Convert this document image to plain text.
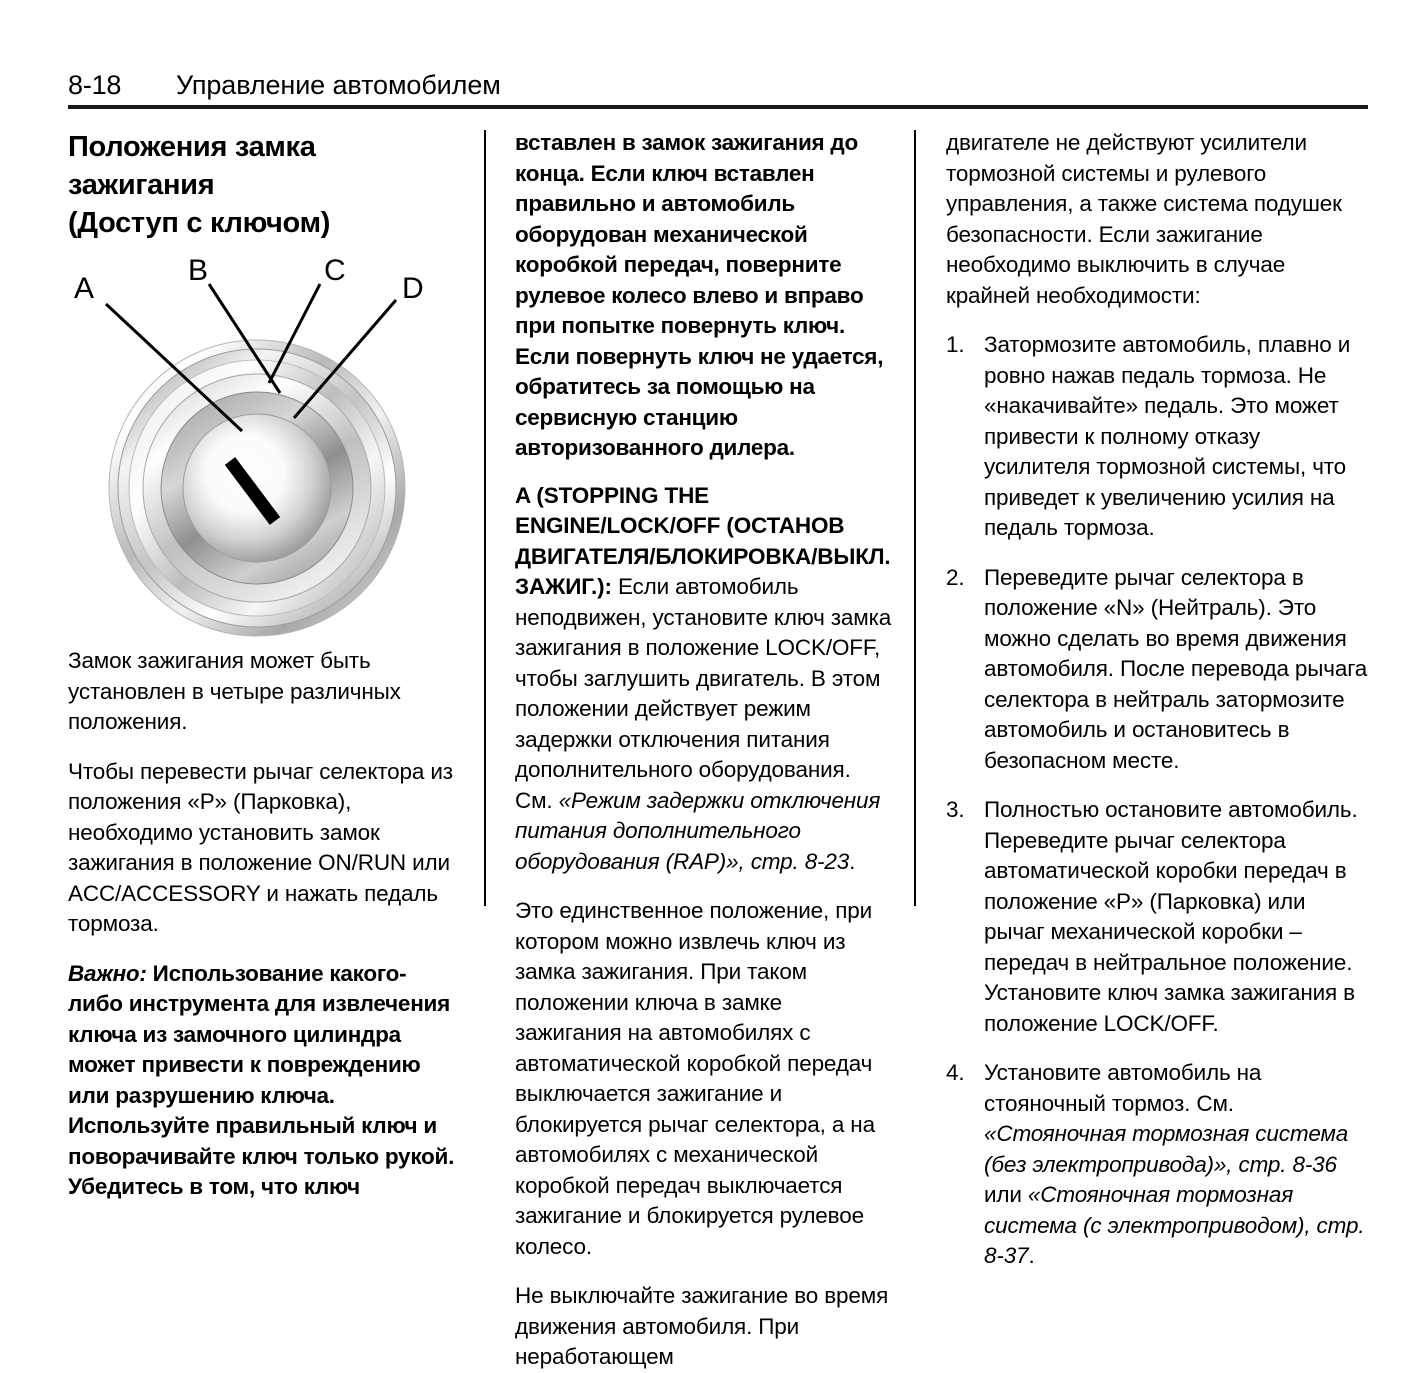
8-18	Управление автомобилем
Положения замка
зажигания
(Доступ с ключом)
A
B	C
D

Замок зажигания может быть установлен в четыре различных положения.

Чтобы перевести рычаг селектора из положения «P» (Парковка), необходимо установить замок зажигания в положение ON/RUN или ACC/ACCESSORY и нажать педаль тормоза.

Важно: Использование какого-либо инструмента для извлечения ключа из замочного цилиндра может привести к повреждению или разрушению ключа. Используйте правильный ключ и поворачивайте ключ только рукой. Убедитесь в том, что ключ

вставлен в замок зажигания до конца. Если ключ вставлен правильно и автомобиль оборудован механической коробкой передач, поверните рулевое колесо влево и вправо при попытке повернуть ключ. Если повернуть ключ не удается, обратитесь за помощью на сервисную станцию авторизованного дилера.

A (STOPPING THE ENGINE/LOCK/OFF (ОСТАНОВ ДВИГАТЕЛЯ/БЛОКИРОВКА/ВЫКЛ. ЗАЖИГ.): Если автомобиль неподвижен, установите ключ замка зажигания в положение LOCK/OFF, чтобы заглушить двигатель. В этом положении действует режим задержки отключения питания дополнительного оборудования. См. «Режим задержки отключения питания дополнительного оборудования (RAP)», стр. 8-23.

Это единственное положение, при котором можно извлечь ключ из замка зажигания. При таком положении ключа в замке зажигания на автомобилях с автоматической коробкой передач выключается зажигание и блокируется рычаг селектора, а на автомобилях с механической коробкой передач выключается зажигание и блокируется рулевое колесо.

Не выключайте зажигание во время движения автомобиля. При неработающем

двигателе не действуют усилители тормозной системы и рулевого управления, а также система подушек безопасности. Если зажигание необходимо выключить в случае крайней необходимости:

1. Затормозите автомобиль, плавно и ровно нажав педаль тормоза. Не «накачивайте» педаль. Это может привести к полному отказу усилителя тормозной системы, что приведет к увеличению усилия на педаль тормоза.
2. Переведите рычаг селектора в положение «N» (Нейтраль). Это можно сделать во время движения автомобиля. После перевода рычага селектора в нейтраль затормозите автомобиль и остановитесь в безопасном месте.
3. Полностью остановите автомобиль. Переведите рычаг селектора автоматической коробки передач в положение «P» (Парковка) или рычаг механической коробки – передач в нейтральное положение. Установите ключ замка зажигания в положение LOCK/OFF.
4. Установите автомобиль на стояночный тормоз. См. «Стояночная тормозная система (без электропривода)», стр. 8-36 или «Стояночная тормозная система (с электроприводом), стр. 8-37.
